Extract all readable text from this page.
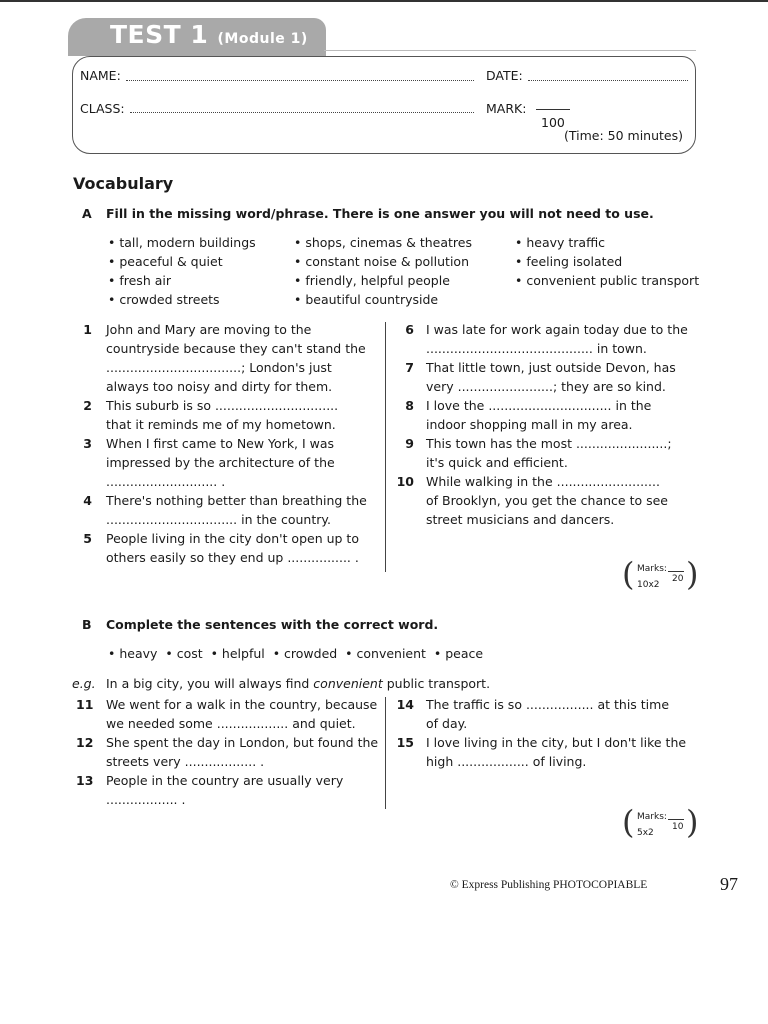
TEST 1 (Module 1)
NAME:	DATE:
CLASS:	MARK:
100
(Time: 50 minutes)
Vocabulary
A Fill in the missing word/phrase. There is one answer you will not need to use.
• tall, modern buildings
• peaceful & quiet
• fresh air
• crowded streets
• shops, cinemas & theatres
• constant noise & pollution
• friendly, helpful people
• beautiful countryside
• heavy traffic
• feeling isolated
• convenient public transport
1 John and Mary are moving to the
countryside because they can't stand the
..................................; London's just
always too noisy and dirty for them.
2 This suburb is so ...............................
that it reminds me of my hometown.
3 When I first came to New York, I was
impressed by the architecture of the
............................ .
4 There's nothing better than breathing the
................................. in the country.
5 People living in the city don't open up to
others easily so they end up ................ .
6 I was late for work again today due to the
.......................................... in town.
7 That little town, just outside Devon, has
very ........................; they are so kind.
8 I love the ............................... in the
indoor shopping mall in my area.
9 This town has the most .......................;
it's quick and efficient.
10 While walking in the ..........................
of Brooklyn, you get the chance to see
street musicians and dancers.
( Marks:
10x2
20 )
B Complete the sentences with the correct word.
• heavy  • cost  • helpful  • crowded  • convenient  • peace
e.g. In a big city, you will always find convenient public transport.
11 We went for a walk in the country, because
we needed some .................. and quiet.
12 She spent the day in London, but found the
streets very .................. .
13 People in the country are usually very
.................. .
14 The traffic is so ................. at this time
of day.
15 I love living in the city, but I don't like the
high .................. of living.
( Marks:
5x2
10 )
© Express Publishing PHOTOCOPIABLE	97
